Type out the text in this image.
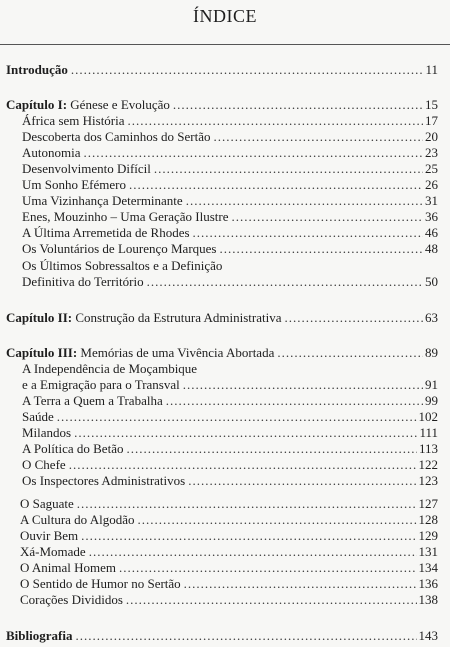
ÍNDICE
Introdução .....	11
Capítulo I: Génese e Evolução .....	15
África sem História .....	17
Descoberta dos Caminhos do Sertão .....	20
Autonomia .....	23
Desenvolvimento Difícil .....	25
Um Sonho Efémero .....	26
Uma Vizinhança Determinante .....	31
Enes, Mouzinho – Uma Geração Ilustre .....	36
A Última Arremetida de Rhodes .....	46
Os Voluntários de Lourenço Marques .....	48
Os Últimos Sobressaltos e a Definição
Definitiva do Território .....	50
Capítulo II: Construção da Estrutura Administrativa .....	63
Capítulo III: Memórias de uma Vivência Abortada .....	89
A Independência de Moçambique
e a Emigração para o Transval .....	91
A Terra a Quem a Trabalha .....	99
Saúde .....	102
Milandos .....	111
A Política do Betão .....	113
O Chefe .....	122
Os Inspectores Administrativos .....	123
O Saguate .....	127
A Cultura do Algodão .....	128
Ouvir Bem .....	129
Xá-Momade .....	131
O Animal Homem .....	134
O Sentido de Humor no Sertão .....	136
Corações Divididos .....	138
Bibliografia .....	143
